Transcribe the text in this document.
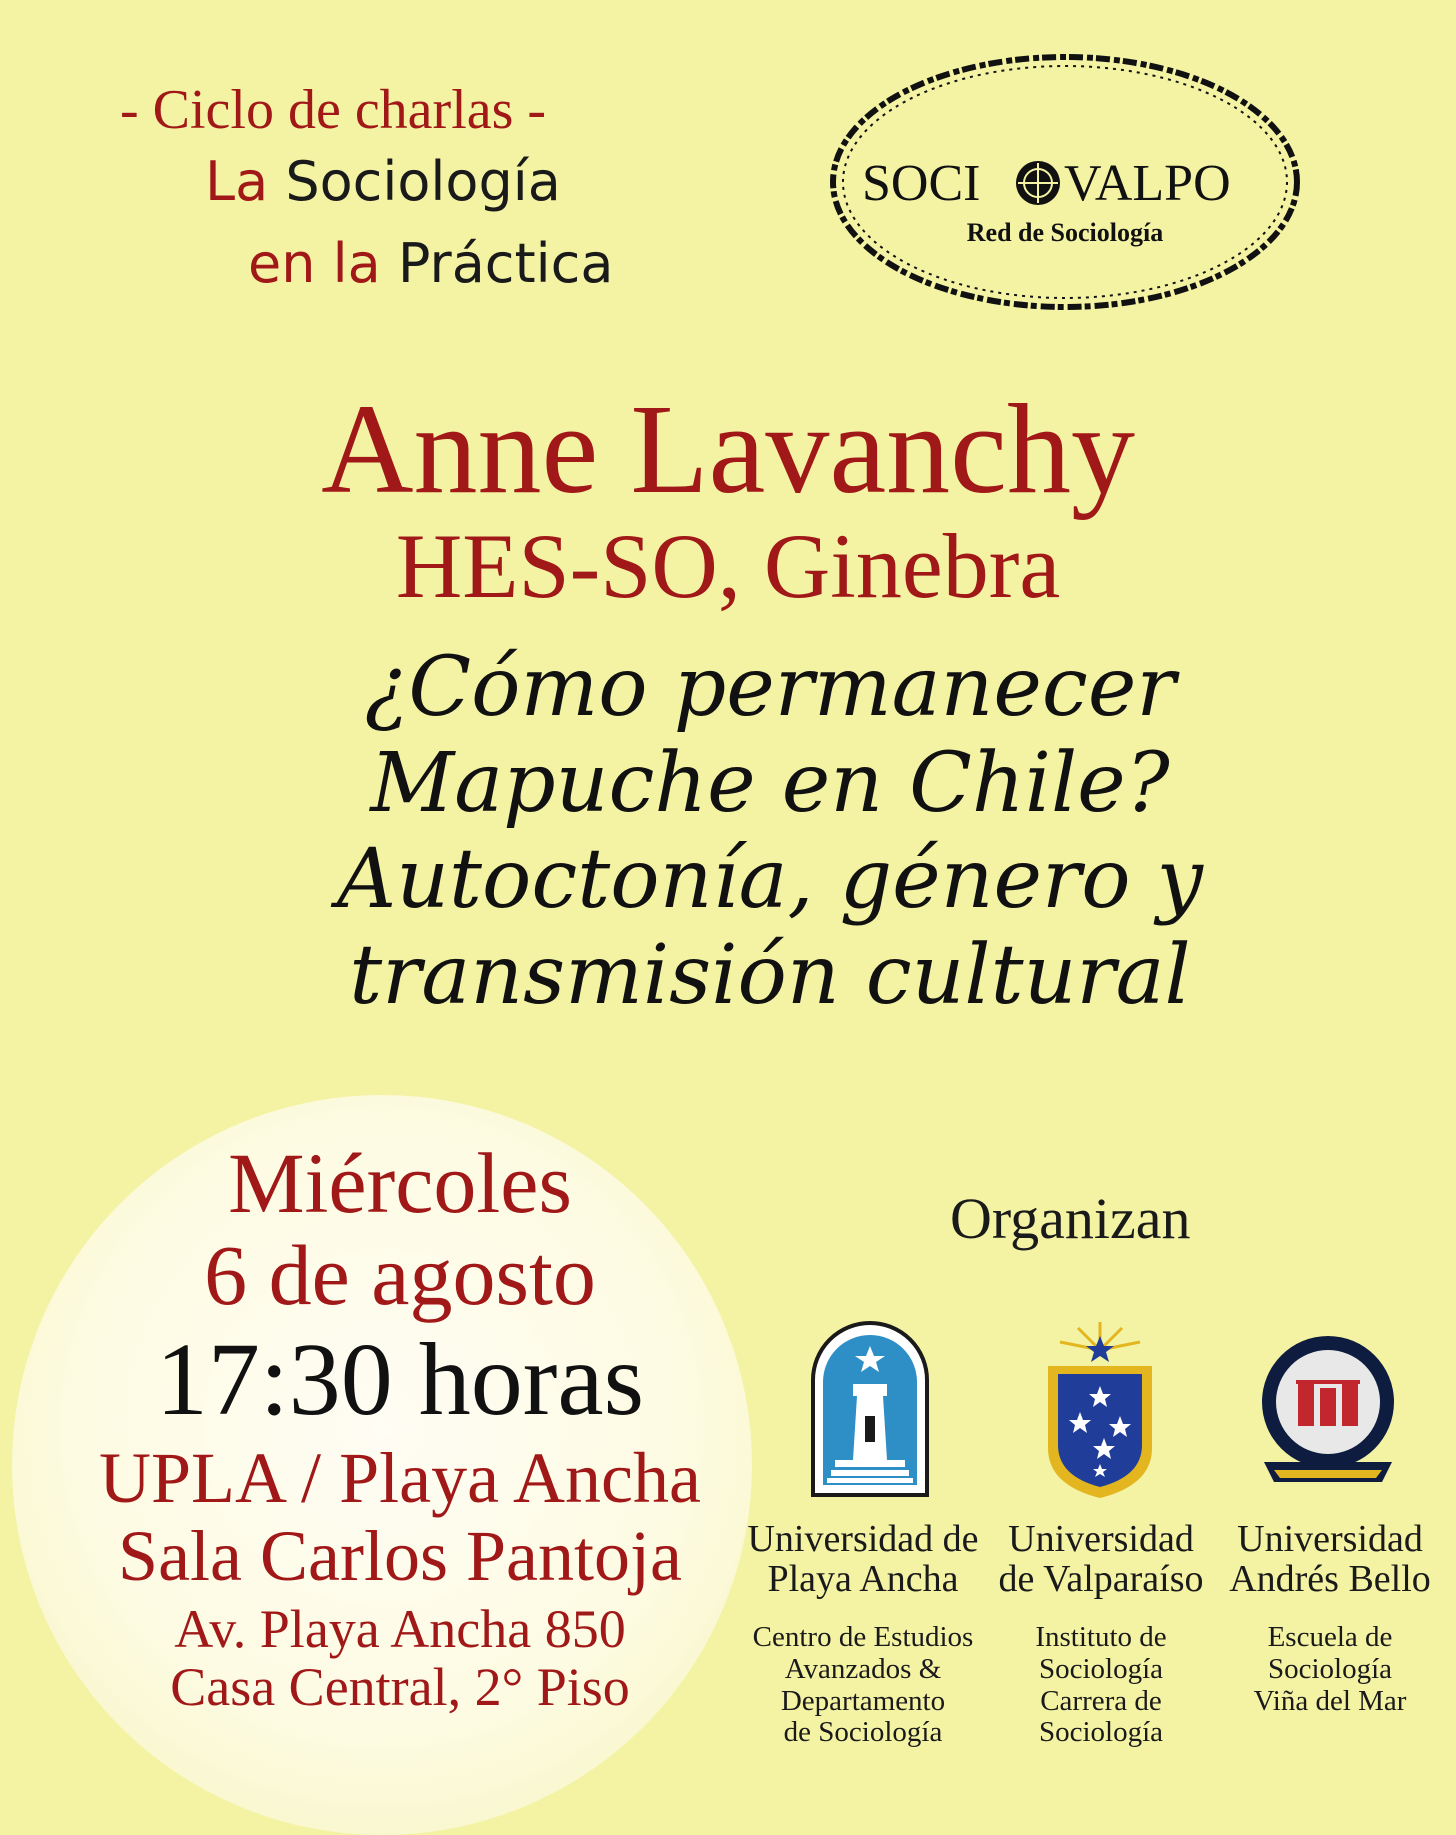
- Ciclo de charlas -
La Sociología
en la Práctica
SOCI VALPO
Red de Sociología
Anne Lavanchy
HES-SO, Ginebra
¿Cómo permanecer
Mapuche en Chile?
Autoctonía, género y
transmisión cultural
Miércoles
6 de agosto
17:30 horas
UPLA / Playa Ancha
Sala Carlos Pantoja
Av. Playa Ancha 850
Casa Central, 2° Piso
Organizan
Universidad de
Playa Ancha
Centro de Estudios
Avanzados &
Departamento
de Sociología
Universidad
de Valparaíso
Instituto de
Sociología
Carrera de
Sociología
Universidad
Andrés Bello
Escuela de
Sociología
Viña del Mar
